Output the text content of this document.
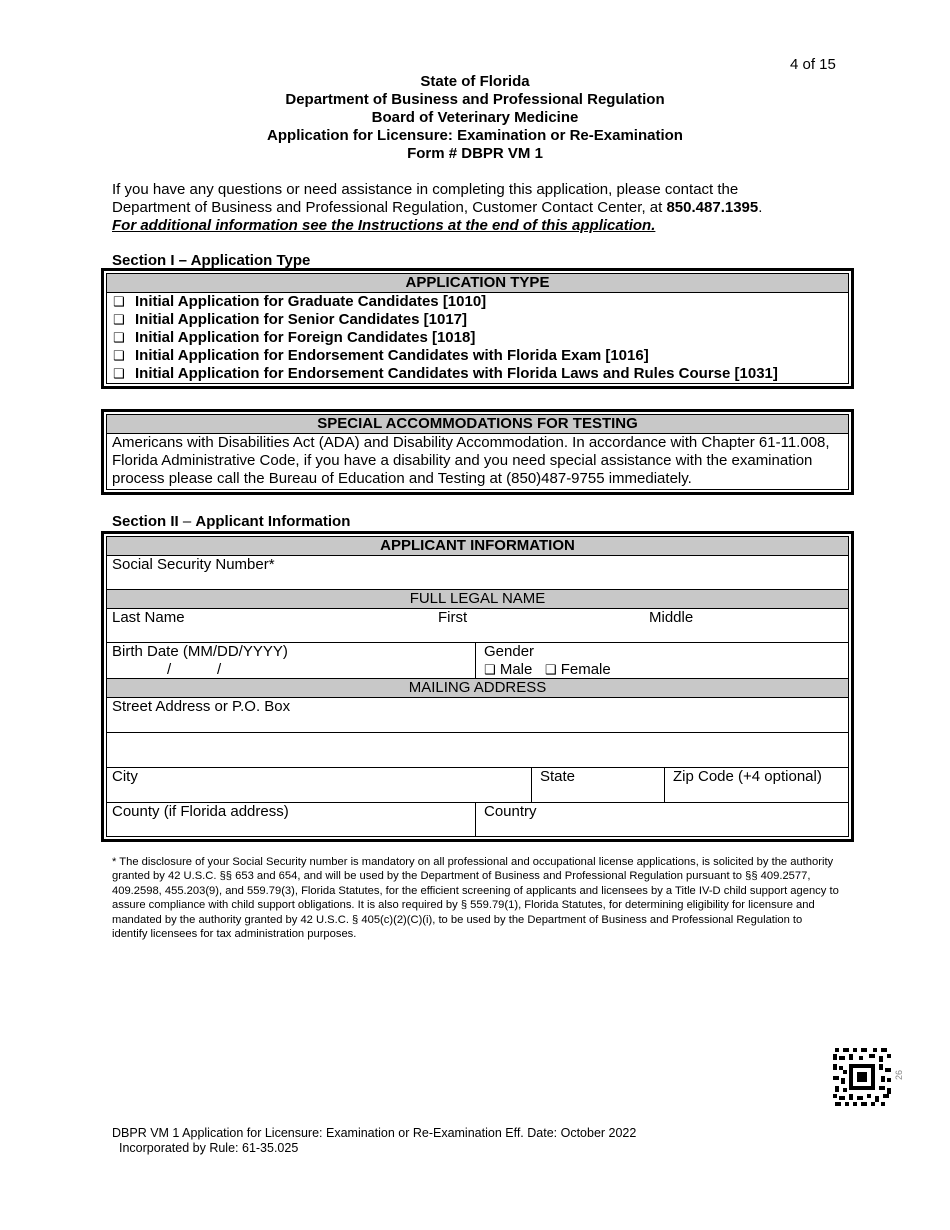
4 of 15
State of Florida
Department of Business and Professional Regulation
Board of Veterinary Medicine
Application for Licensure: Examination or Re-Examination
Form # DBPR VM 1
If you have any questions or need assistance in completing this application, please contact the Department of Business and Professional Regulation, Customer Contact Center, at 850.487.1395.
For additional information see the Instructions at the end of this application.
Section I – Application Type
APPLICATION TYPE
❑ Initial Application for Graduate Candidates [1010]
❑ Initial Application for Senior Candidates [1017]
❑ Initial Application for Foreign Candidates [1018]
❑ Initial Application for Endorsement Candidates with Florida Exam [1016]
❑ Initial Application for Endorsement Candidates with Florida Laws and Rules Course [1031]
SPECIAL ACCOMMODATIONS FOR TESTING
Americans with Disabilities Act (ADA) and Disability Accommodation. In accordance with Chapter 61-11.008, Florida Administrative Code, if you have a disability and you need special assistance with the examination process please call the Bureau of Education and Testing at (850)487-9755 immediately.
Section II – Applicant Information
APPLICANT INFORMATION
Social Security Number*
FULL LEGAL NAME
Last Name	First	Middle
Birth Date (MM/DD/YYYY)
/           /
Gender
❑ Male ❑ Female
MAILING ADDRESS
Street Address or P.O. Box
City	State	Zip Code (+4 optional)
County (if Florida address)	Country
* The disclosure of your Social Security number is mandatory on all professional and occupational license applications, is solicited by the authority granted by 42 U.S.C. §§ 653 and 654, and will be used by the Department of Business and Professional Regulation pursuant to §§ 409.2577, 409.2598, 455.203(9), and 559.79(3), Florida Statutes, for the efficient screening of applicants and licensees by a Title IV-D child support agency to assure compliance with child support obligations. It is also required by § 559.79(1), Florida Statutes, for determining eligibility for licensure and mandated by the authority granted by 42 U.S.C. § 405(c)(2)(C)(i), to be used by the Department of Business and Professional Regulation to identify licensees for tax administration purposes.
26
DBPR VM 1 Application for Licensure: Examination or Re-Examination Eff. Date: October 2022
Incorporated by Rule: 61-35.025
